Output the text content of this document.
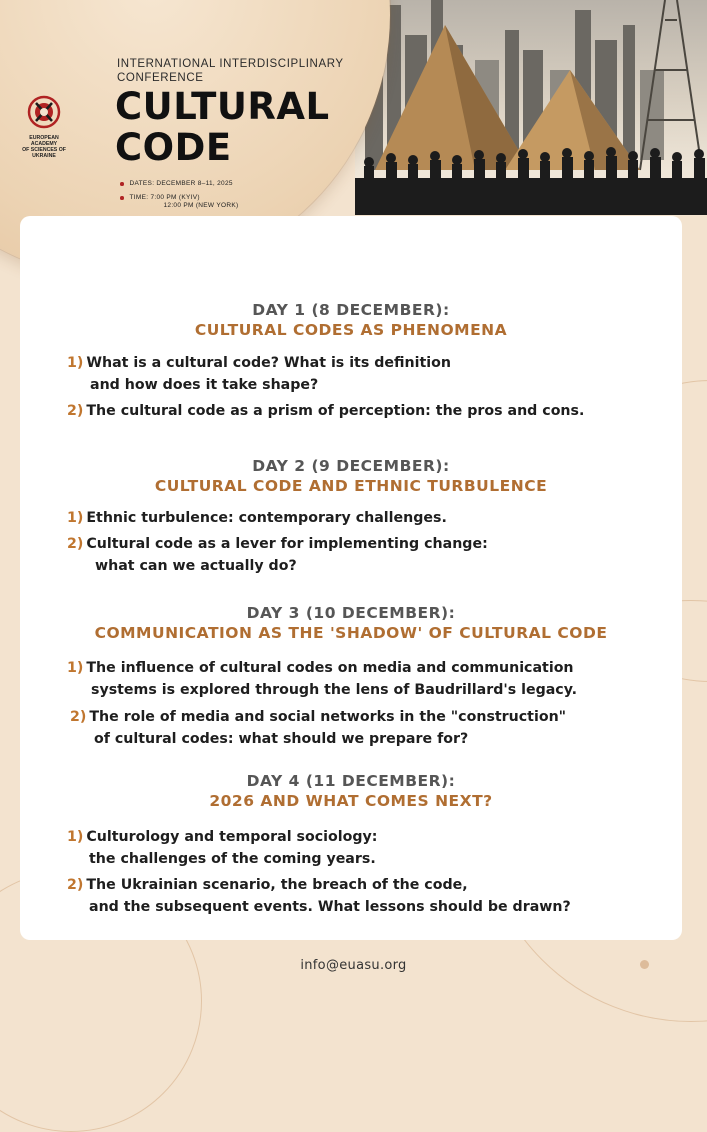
EUROPEAN ACADEMY
OF SCIENCES OF UKRAINE
INTERNATIONAL INTERDISCIPLINARY
CONFERENCE
CULTURAL
CODE
DATES: DECEMBER 8–11, 2025
TIME: 7:00 PM (KYIV)
12:00 PM (NEW YORK)
DAY 1 (8 DECEMBER):
CULTURAL CODES AS PHENOMENA
1) What is a cultural code? What is its definition
and how does it take shape?
2) The cultural code as a prism of perception: the pros and cons.
DAY 2 (9 DECEMBER):
CULTURAL CODE AND ETHNIC TURBULENCE
1) Ethnic turbulence: contemporary challenges.
2) Cultural code as a lever for implementing change:
what can we actually do?
DAY 3 (10 DECEMBER):
COMMUNICATION AS THE 'SHADOW' OF CULTURAL CODE
1) The influence of cultural codes on media and communication
systems is explored through the lens of Baudrillard's legacy.
2) The role of media and social networks in the "construction"
of cultural codes: what should we prepare for?
DAY 4 (11 DECEMBER):
2026 AND WHAT COMES NEXT?
1) Culturology and temporal sociology:
the challenges of the coming years.
2) The Ukrainian scenario, the breach of the code,
and the subsequent events. What lessons should be drawn?
info@euasu.org
